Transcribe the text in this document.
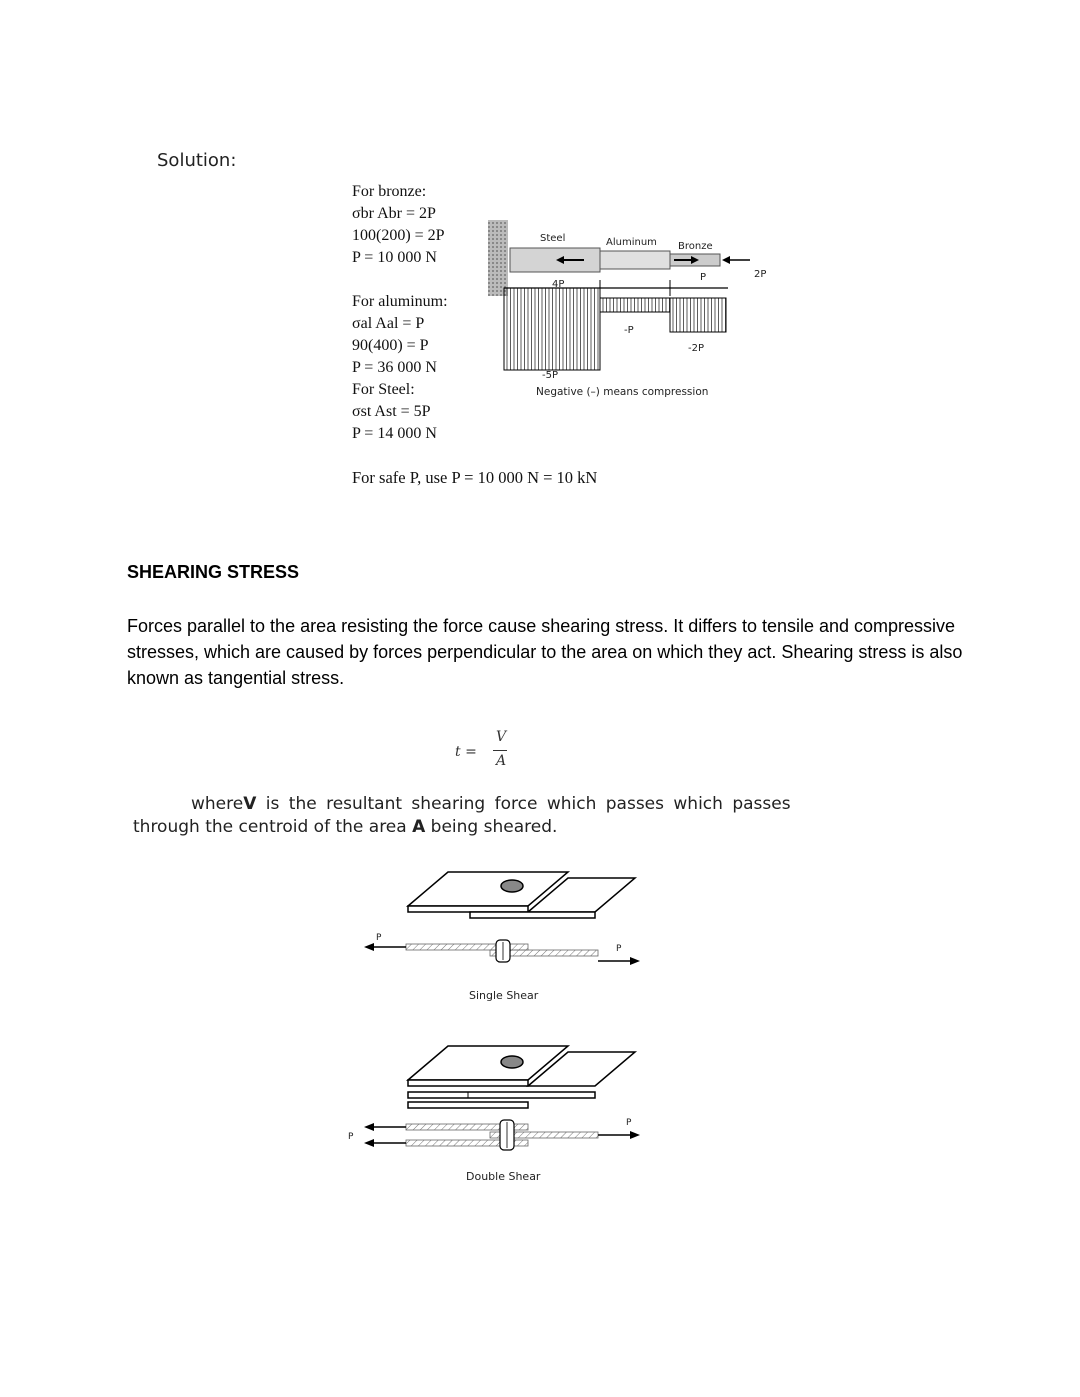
Solution:
For bronze:
σbr Abr = 2P
100(200) = 2P
P = 10 000 N
For aluminum:
σal Aal = P
90(400) = P
P = 36 000 N
For Steel:
σst Ast = 5P
P = 14 000 N
Steel	Aluminum Bronze
4P
P	2P
-P
-2P
-5P
Negative (–) means compression
For safe P, use P = 10 000 N = 10 kN
SHEARING STRESS
Forces parallel to the area resisting the force cause shearing stress. It differs to tensile and compressive stresses, which are caused by forces perpendicular to the area on which they act. Shearing stress is also known as tangential stress.
t =
V
A
whereV is the resultant shearing force which passes which passes
through the centroid of the area A being sheared.
P
P
Single Shear
P
P
Double Shear
